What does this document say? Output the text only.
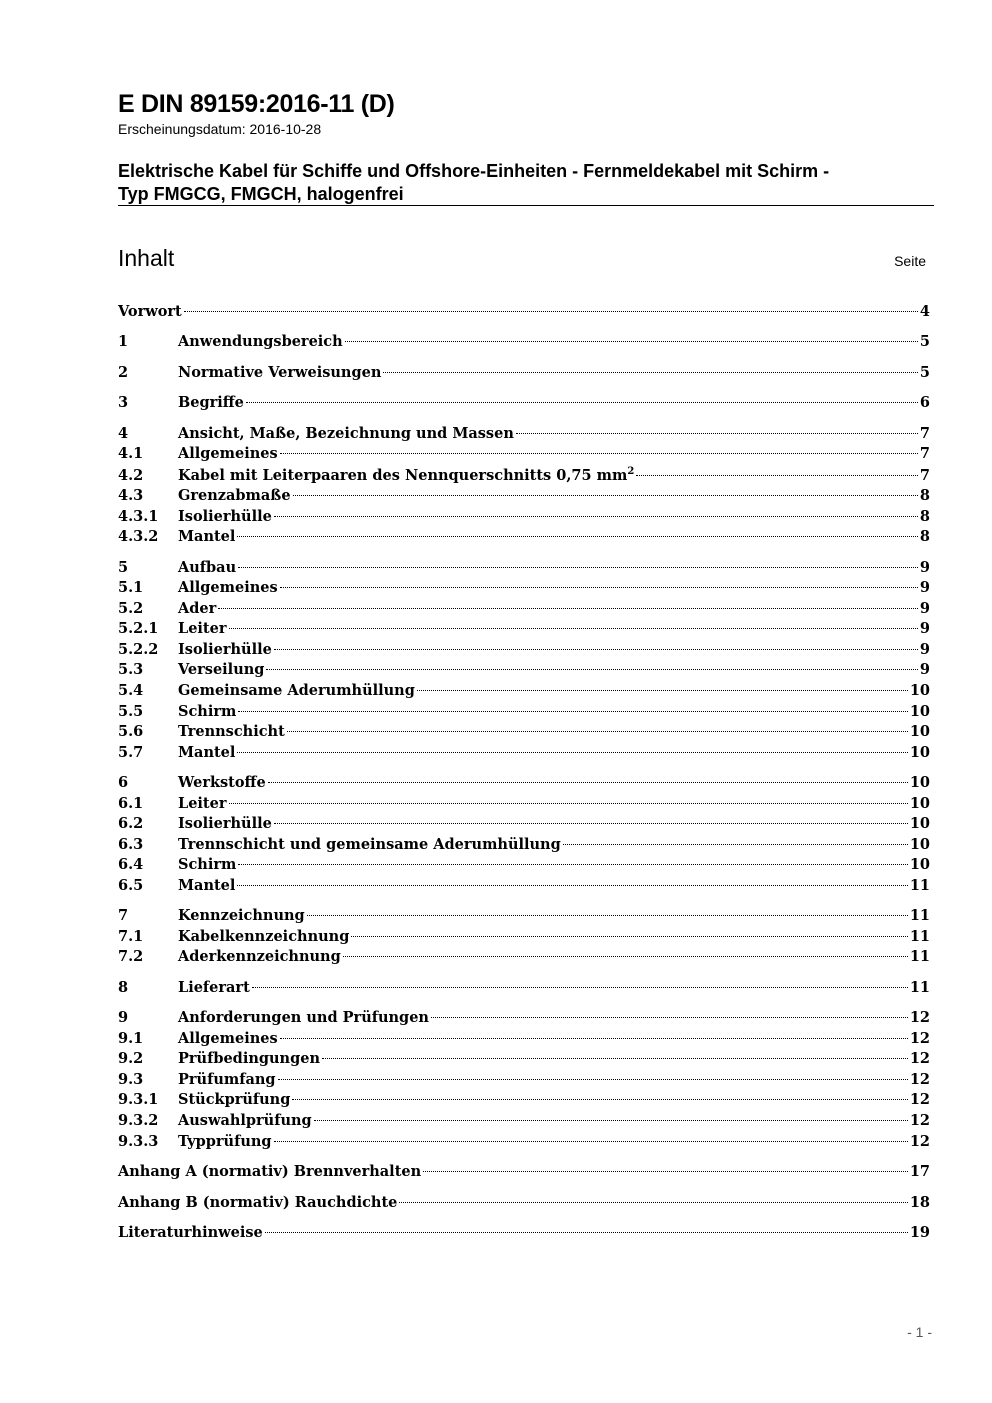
E DIN 89159:2016-11 (D)
Erscheinungsdatum: 2016-10-28
Elektrische Kabel für Schiffe und Offshore-Einheiten - Fernmeldekabel mit Schirm -
Typ FMGCG, FMGCH, halogenfrei
Inhalt	Seite
Vorwort	4
1	Anwendungsbereich	5
2	Normative Verweisungen	5
3	Begriffe	6
4	Ansicht, Maße, Bezeichnung und Massen	7
4.1	Allgemeines	7
4.2	Kabel mit Leiterpaaren des Nennquerschnitts 0,75 $mm^2$	7
4.3	Grenzabmaße	8
4.3.1	Isolierhülle	8
4.3.2	Mantel	8
5	Aufbau	9
5.1	Allgemeines	9
5.2	Ader	9
5.2.1	Leiter	9
5.2.2	Isolierhülle	9
5.3	Verseilung	9
5.4	Gemeinsame Aderumhüllung	10
5.5	Schirm	10
5.6	Trennschicht	10
5.7	Mantel	10
6	Werkstoffe	10
6.1	Leiter	10
6.2	Isolierhülle	10
6.3	Trennschicht und gemeinsame Aderumhüllung	10
6.4	Schirm	10
6.5	Mantel	11
7	Kennzeichnung	11
7.1	Kabelkennzeichnung	11
7.2	Aderkennzeichnung	11
8	Lieferart	11
9	Anforderungen und Prüfungen	12
9.1	Allgemeines	12
9.2	Prüfbedingungen	12
9.3	Prüfumfang	12
9.3.1	Stückprüfung	12
9.3.2	Auswahlprüfung	12
9.3.3	Typprüfung	12
Anhang A (normativ) Brennverhalten	17
Anhang B (normativ) Rauchdichte	18
Literaturhinweise	19
- 1 -
